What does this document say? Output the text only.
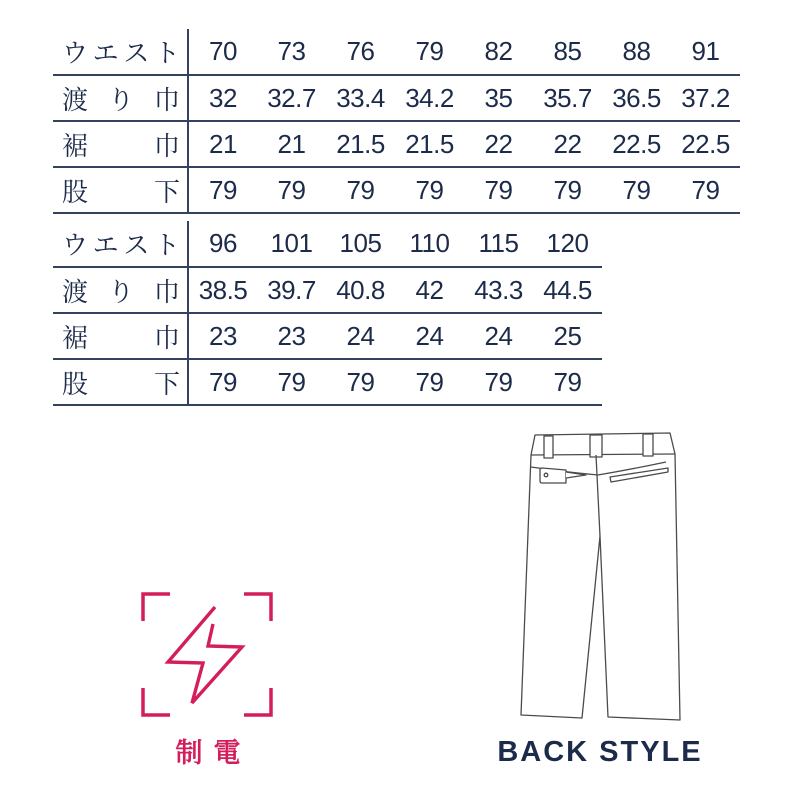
ウエスト	70	73	76	79	82	85	88	91
渡り巾	32	32.7	33.4	34.2	35	35.7	36.5	37.2
裾巾	21	21	21.5	21.5	22	22	22.5	22.5
股下	79	79	79	79	79	79	79	79
ウエスト	96	101	105	110	115	120
渡り巾	38.5	39.7	40.8	42	43.3	44.5
裾巾	23	23	24	24	24	25
股下	79	79	79	79	79	79
制電	BACK STYLE
